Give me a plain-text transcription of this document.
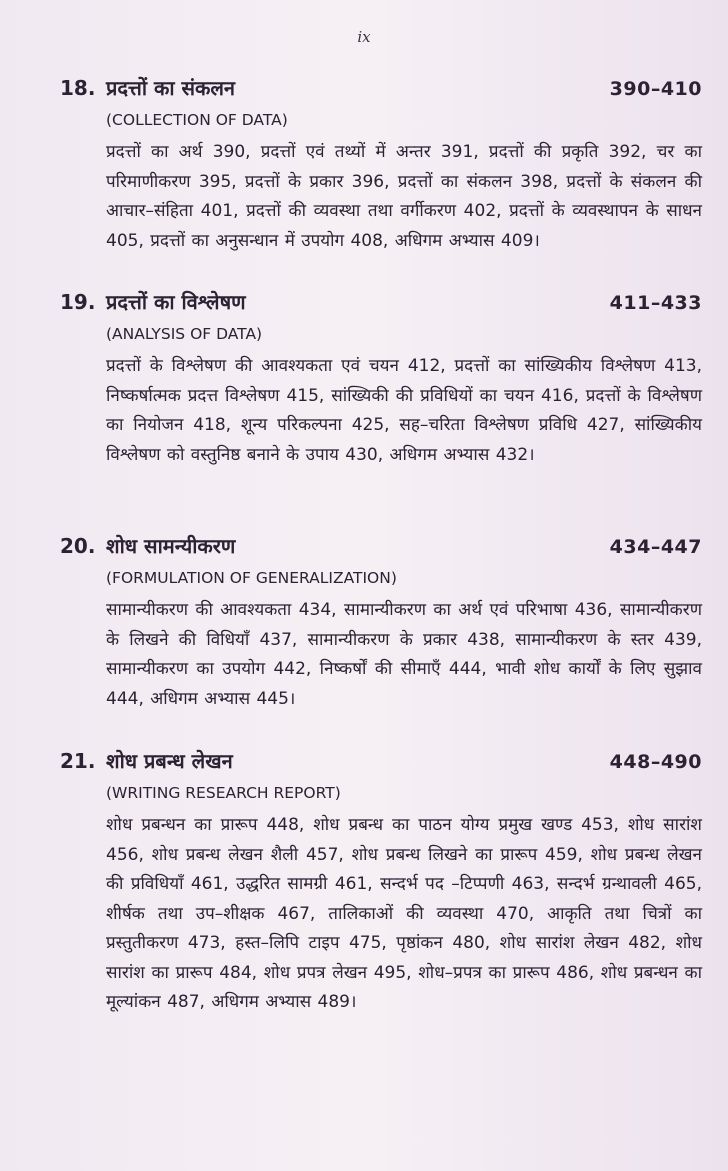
ix
18. प्रदत्तों का संकलन	390–410
(COLLECTION OF DATA)
प्रदत्तों का अर्थ 390, प्रदत्तों एवं तथ्यों में अन्तर 391, प्रदत्तों की प्रकृति 392, चर का परिमाणीकरण 395, प्रदत्तों के प्रकार 396, प्रदत्तों का संकलन 398, प्रदत्तों के संकलन की आचार–संहिता 401, प्रदत्तों की व्यवस्था तथा वर्गीकरण 402, प्रदत्तों के व्यवस्थापन के साधन 405, प्रदत्तों का अनुसन्धान में उपयोग 408, अधिगम अभ्यास 409।
19. प्रदत्तों का विश्लेषण	411–433
(ANALYSIS OF DATA)
प्रदत्तों के विश्लेषण की आवश्यकता एवं चयन 412, प्रदत्तों का सांख्यिकीय विश्लेषण 413, निष्कर्षात्मक प्रदत्त विश्लेषण 415, सांख्यिकी की प्रविधियों का चयन 416, प्रदत्तों के विश्लेषण का नियोजन 418, शून्य परिकल्पना 425, सह–चरिता विश्लेषण प्रविधि 427, सांख्यिकीय विश्लेषण को वस्तुनिष्ठ बनाने के उपाय 430, अधिगम अभ्यास 432।
20. शोध सामन्यीकरण	434–447
(FORMULATION OF GENERALIZATION)
सामान्यीकरण की आवश्यकता 434, सामान्यीकरण का अर्थ एवं परिभाषा 436, सामान्यीकरण के लिखने की विधियाँ 437, सामान्यीकरण के प्रकार 438, सामान्यीकरण के स्तर 439, सामान्यीकरण का उपयोग 442, निष्कर्षों की सीमाएँ 444, भावी शोध कार्यों के लिए सुझाव 444, अधिगम अभ्यास 445।
21. शोध प्रबन्ध लेखन	448–490
(WRITING RESEARCH REPORT)
शोध प्रबन्धन का प्रारूप 448, शोध प्रबन्ध का पाठन योग्य प्रमुख खण्ड 453, शोध सारांश 456, शोध प्रबन्ध लेखन शैली 457, शोध प्रबन्ध लिखने का प्रारूप 459, शोध प्रबन्ध लेखन की प्रविधियाँ 461, उद्धरित सामग्री 461, सन्दर्भ पद –टिप्पणी 463, सन्दर्भ ग्रन्थावली 465, शीर्षक तथा उप–शीक्षक 467, तालिकाओं की व्यवस्था 470, आकृति तथा चित्रों का प्रस्तुतीकरण 473, हस्त–लिपि टाइप 475, पृष्ठांकन 480, शोध सारांश लेखन 482, शोध सारांश का प्रारूप 484, शोध प्रपत्र लेखन 495, शोध–प्रपत्र का प्रारूप 486, शोध प्रबन्धन का मूल्यांकन 487, अधिगम अभ्यास 489।
